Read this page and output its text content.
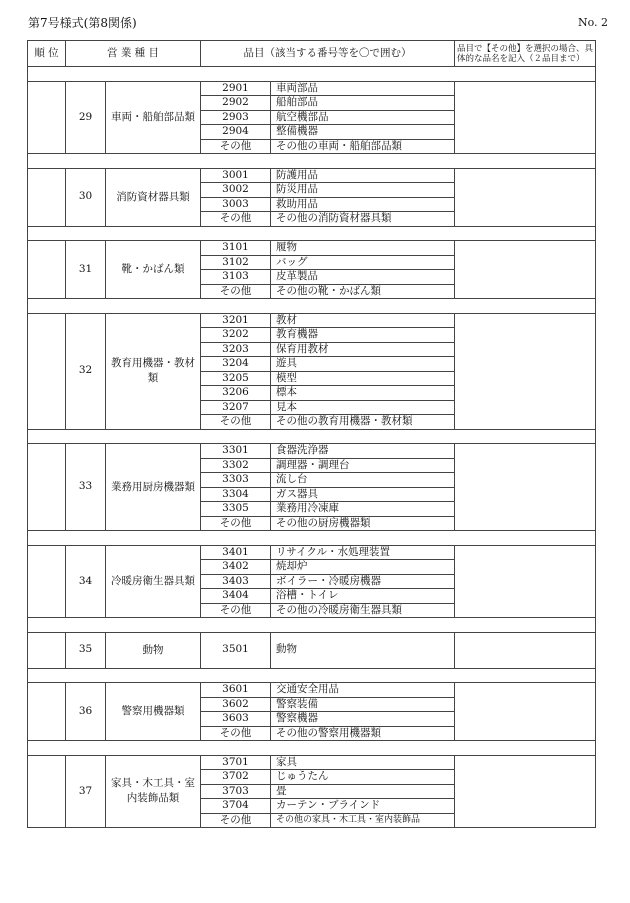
第7号様式(第8関係)	No. 2
順 位	営 業 種 目		品目（該当する番号等を〇で囲む）		品目で【その他】を選択の場合、具体的な品名を記入（２品目まで）

	29	車両・船舶部品類	2901	車両部品	
			2902	船舶部品	
			2903	航空機部品	
			2904	整備機器	
			その他	その他の車両・船舶部品類	

	30	消防資材器具類	3001	防護用品	
			3002	防災用品	
			3003	救助用品	
			その他	その他の消防資材器具類	

	31	靴・かばん類	3101	履物	
			3102	バッグ	
			3103	皮革製品	
			その他	その他の靴・かばん類	

	32	教育用機器・教材類	3201	教材	
			3202	教育機器	
			3203	保育用教材	
			3204	遊具	
			3205	模型	
			3206	標本	
			3207	見本	
			その他	その他の教育用機器・教材類	

	33	業務用厨房機器類	3301	食器洗浄器	
			3302	調理器・調理台	
			3303	流し台	
			3304	ガス器具	
			3305	業務用冷凍庫	
			その他	その他の厨房機器類	

	34	冷暖房衛生器具類	3401	リサイクル・水処理装置	
			3402	焼却炉	
			3403	ボイラー・冷暖房機器	
			3404	浴槽・トイレ	
			その他	その他の冷暖房衛生器具類	

	35	動物	3501	動物	

	36	警察用機器類	3601	交通安全用品	
			3602	警察装備	
			3603	警察機器	
			その他	その他の警察用機器類	

	37	家具・木工具・室内装飾品類	3701	家具	
			3702	じゅうたん	
			3703	畳	
			3704	カーテン・ブラインド	
			その他	その他の家具・木工具・室内装飾品	
